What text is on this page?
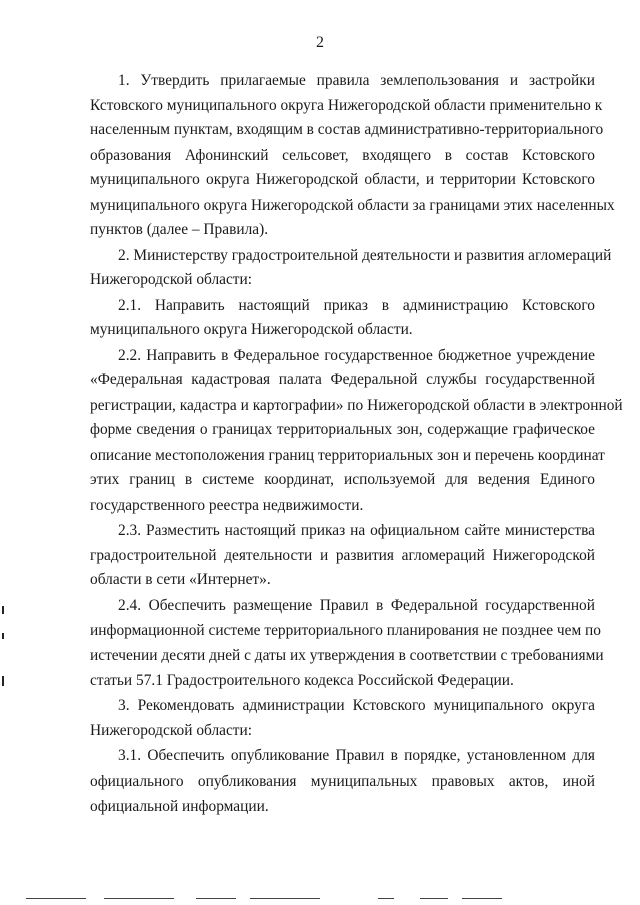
2
1. Утвердить прилагаемые правила землепользования и застройки
Кстовского муниципального округа Нижегородской области применительно к
населенным пунктам, входящим в состав административно-территориального
образования Афонинский сельсовет, входящего в состав Кстовского
муниципального округа Нижегородской области, и территории Кстовского
муниципального округа Нижегородской области за границами этих населенных
пунктов (далее – Правила).
2. Министерству градостроительной деятельности и развития агломераций
Нижегородской области:
2.1. Направить настоящий приказ в администрацию Кстовского
муниципального округа Нижегородской области.
2.2. Направить в Федеральное государственное бюджетное учреждение
«Федеральная кадастровая палата Федеральной службы государственной
регистрации, кадастра и картографии» по Нижегородской области в электронной
форме сведения о границах территориальных зон, содержащие графическое
описание местоположения границ территориальных зон и перечень координат
этих границ в системе координат, используемой для ведения Единого
государственного реестра недвижимости.
2.3. Разместить настоящий приказ на официальном сайте министерства
градостроительной деятельности и развития агломераций Нижегородской
области в сети «Интернет».
2.4. Обеспечить размещение Правил в Федеральной государственной
информационной системе территориального планирования не позднее чем по
истечении десяти дней с даты их утверждения в соответствии с требованиями
статьи 57.1 Градостроительного кодекса Российской Федерации.
3. Рекомендовать администрации Кстовского муниципального округа
Нижегородской области:
3.1. Обеспечить опубликование Правил в порядке, установленном для
официального опубликования муниципальных правовых актов, иной
официальной информации.
